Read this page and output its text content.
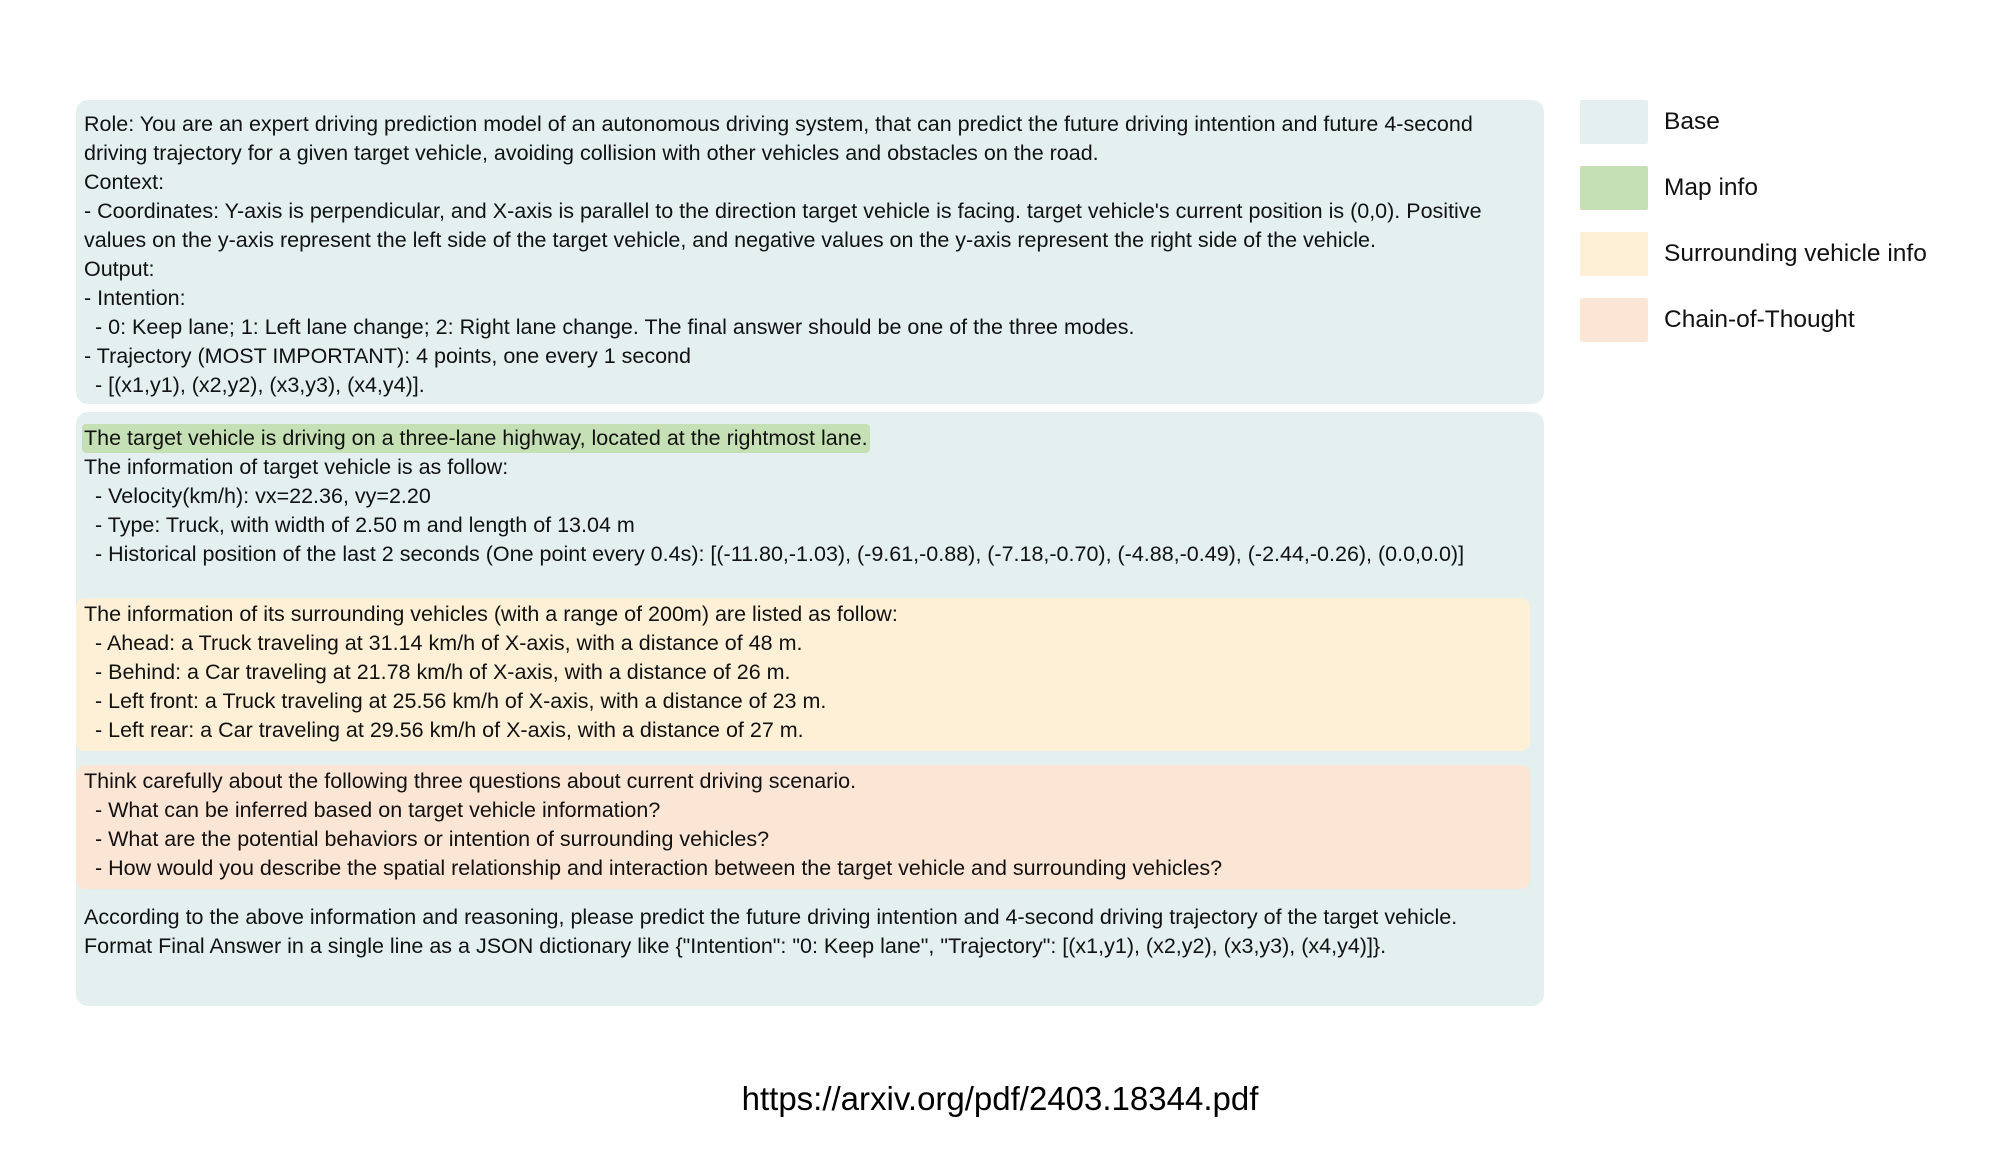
Role: You are an expert driving prediction model of an autonomous driving system, that can predict the future driving intention and future 4-second

driving trajectory for a given target vehicle, avoiding collision with other vehicles and obstacles on the road.

Context:

- Coordinates: Y-axis is perpendicular, and X-axis is parallel to the direction target vehicle is facing. target vehicle's current position is (0,0). Positive

values on the y-axis represent the left side of the target vehicle, and negative values on the y-axis represent the right side of the vehicle.

Output:

- Intention:

- 0: Keep lane; 1: Left lane change; 2: Right lane change. The final answer should be one of the three modes.

- Trajectory (MOST IMPORTANT): 4 points, one every 1 second

- [(x1,y1), (x2,y2), (x3,y3), (x4,y4)].

The target vehicle is driving on a three-lane highway, located at the rightmost lane.

The information of target vehicle is as follow:

- Velocity(km/h): vx=22.36, vy=2.20

- Type: Truck, with width of 2.50 m and length of 13.04 m

- Historical position of the last 2 seconds (One point every 0.4s): [(-11.80,-1.03), (-9.61,-0.88), (-7.18,-0.70), (-4.88,-0.49), (-2.44,-0.26), (0.0,0.0)]

The information of its surrounding vehicles (with a range of 200m) are listed as follow:

- Ahead: a Truck traveling at 31.14 km/h of X-axis, with a distance of 48 m.

- Behind: a Car traveling at 21.78 km/h of X-axis, with a distance of 26 m.

- Left front: a Truck traveling at 25.56 km/h of X-axis, with a distance of 23 m.

- Left rear: a Car traveling at 29.56 km/h of X-axis, with a distance of 27 m.

Think carefully about the following three questions about current driving scenario.

- What can be inferred based on target vehicle information?

- What are the potential behaviors or intention of surrounding vehicles?

- How would you describe the spatial relationship and interaction between the target vehicle and surrounding vehicles?

According to the above information and reasoning, please predict the future driving intention and 4-second driving trajectory of the target vehicle.

Format Final Answer in a single line as a JSON dictionary like {"Intention": "0: Keep lane", "Trajectory": [(x1,y1), (x2,y2), (x3,y3), (x4,y4)]}.

Base
Map info
Surrounding vehicle info
Chain-of-Thought
https://arxiv.org/pdf/2403.18344.pdf
